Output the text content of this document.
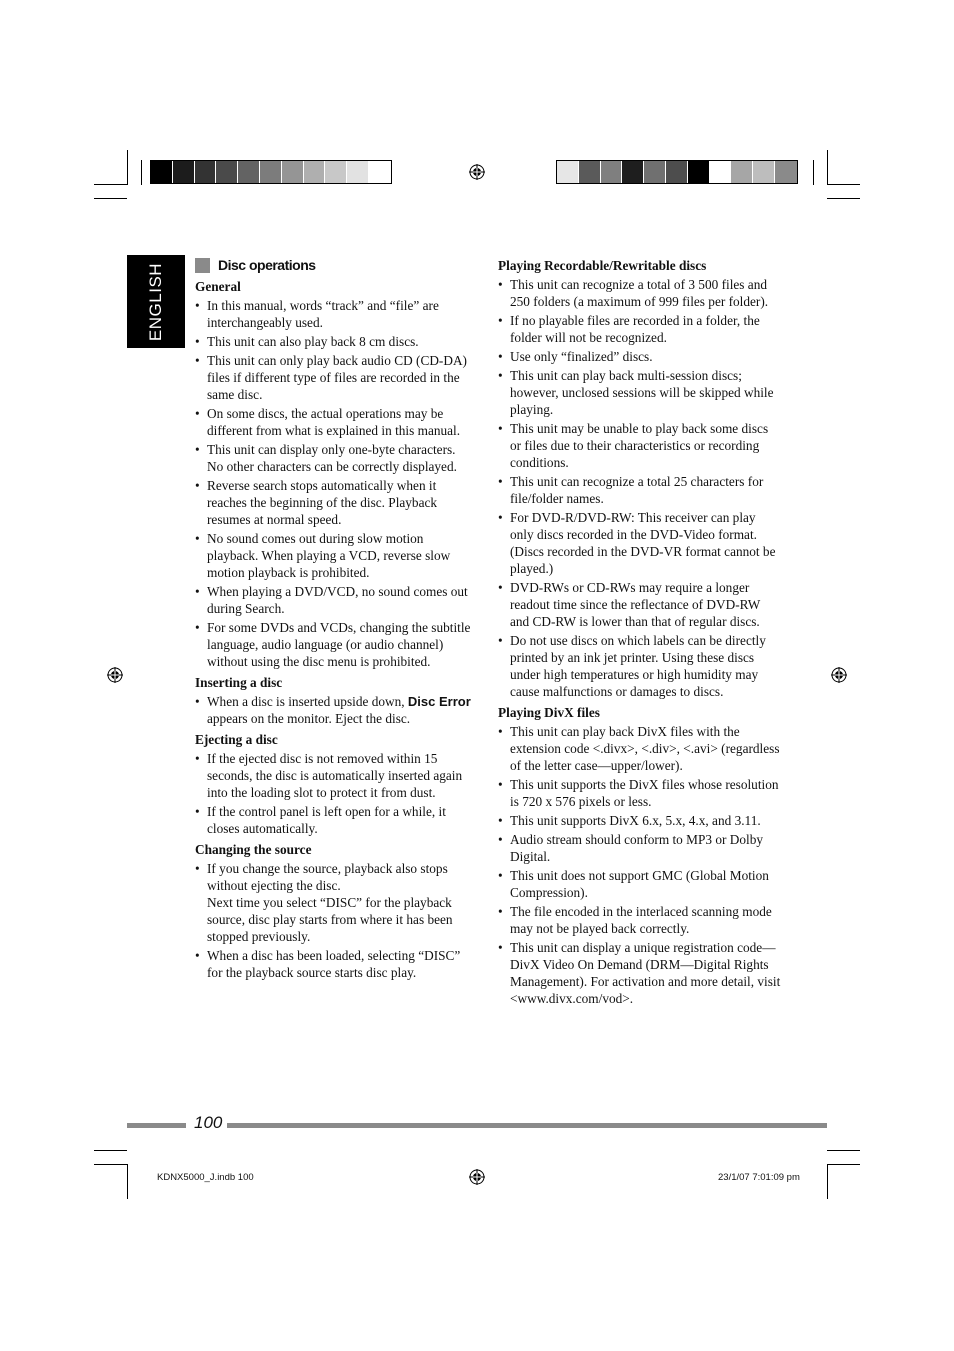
ENGLISH	Disc operations
General
• In this manual, words “track” and “file” are interchangeably used.
• This unit can also play back 8 cm discs.
• This unit can only play back audio CD (CD-DA) files if different type of files are recorded in the same disc.
• On some discs, the actual operations may be different from what is explained in this manual.
• This unit can display only one-byte characters. No other characters can be correctly displayed.
• Reverse search stops automatically when it reaches the beginning of the disc. Playback resumes at normal speed.
• No sound comes out during slow motion playback. When playing a VCD, reverse slow motion playback is prohibited.
• When playing a DVD/VCD, no sound comes out during Search.
• For some DVDs and VCDs, changing the subtitle language, audio language (or audio channel) without using the disc menu is prohibited.
Inserting a disc
• When a disc is inserted upside down, Disc Error appears on the monitor. Eject the disc.
Ejecting a disc
• If the ejected disc is not removed within 15 seconds, the disc is automatically inserted again into the loading slot to protect it from dust.
• If the control panel is left open for a while, it closes automatically.
Changing the source
• If you change the source, playback also stops without ejecting the disc.
Next time you select “DISC” for the playback source, disc play starts from where it has been stopped previously.
• When a disc has been loaded, selecting “DISC” for the playback source starts disc play.
Playing Recordable/Rewritable discs
• This unit can recognize a total of 3 500 files and 250 folders (a maximum of 999 files per folder).
• If no playable files are recorded in a folder, the folder will not be recognized.
• Use only “finalized” discs.
• This unit can play back multi-session discs; however, unclosed sessions will be skipped while playing.
• This unit may be unable to play back some discs or files due to their characteristics or recording conditions.
• This unit can recognize a total 25 characters for file/folder names.
• For DVD-R/DVD-RW: This receiver can play only discs recorded in the DVD-Video format. (Discs recorded in the DVD-VR format cannot be played.)
• DVD-RWs or CD-RWs may require a longer readout time since the reflectance of DVD-RW and CD-RW is lower than that of regular discs.
• Do not use discs on which labels can be directly printed by an ink jet printer. Using these discs under high temperatures or high humidity may cause malfunctions or damages to discs.
Playing DivX files
• This unit can play back DivX files with the extension code <.divx>, <.div>, <.avi> (regardless of the letter case—upper/lower).
• This unit supports the DivX files whose resolution is 720 x 576 pixels or less.
• This unit supports DivX 6.x, 5.x, 4.x, and 3.11.
• Audio stream should conform to MP3 or Dolby Digital.
• This unit does not support GMC (Global Motion Compression).
• The file encoded in the interlaced scanning mode may not be played back correctly.
• This unit can display a unique registration code—DivX Video On Demand (DRM—Digital Rights Management). For activation and more detail, visit <www.divx.com/vod>.
100
KDNX5000_J.indb 100	23/1/07 7:01:09 pm
